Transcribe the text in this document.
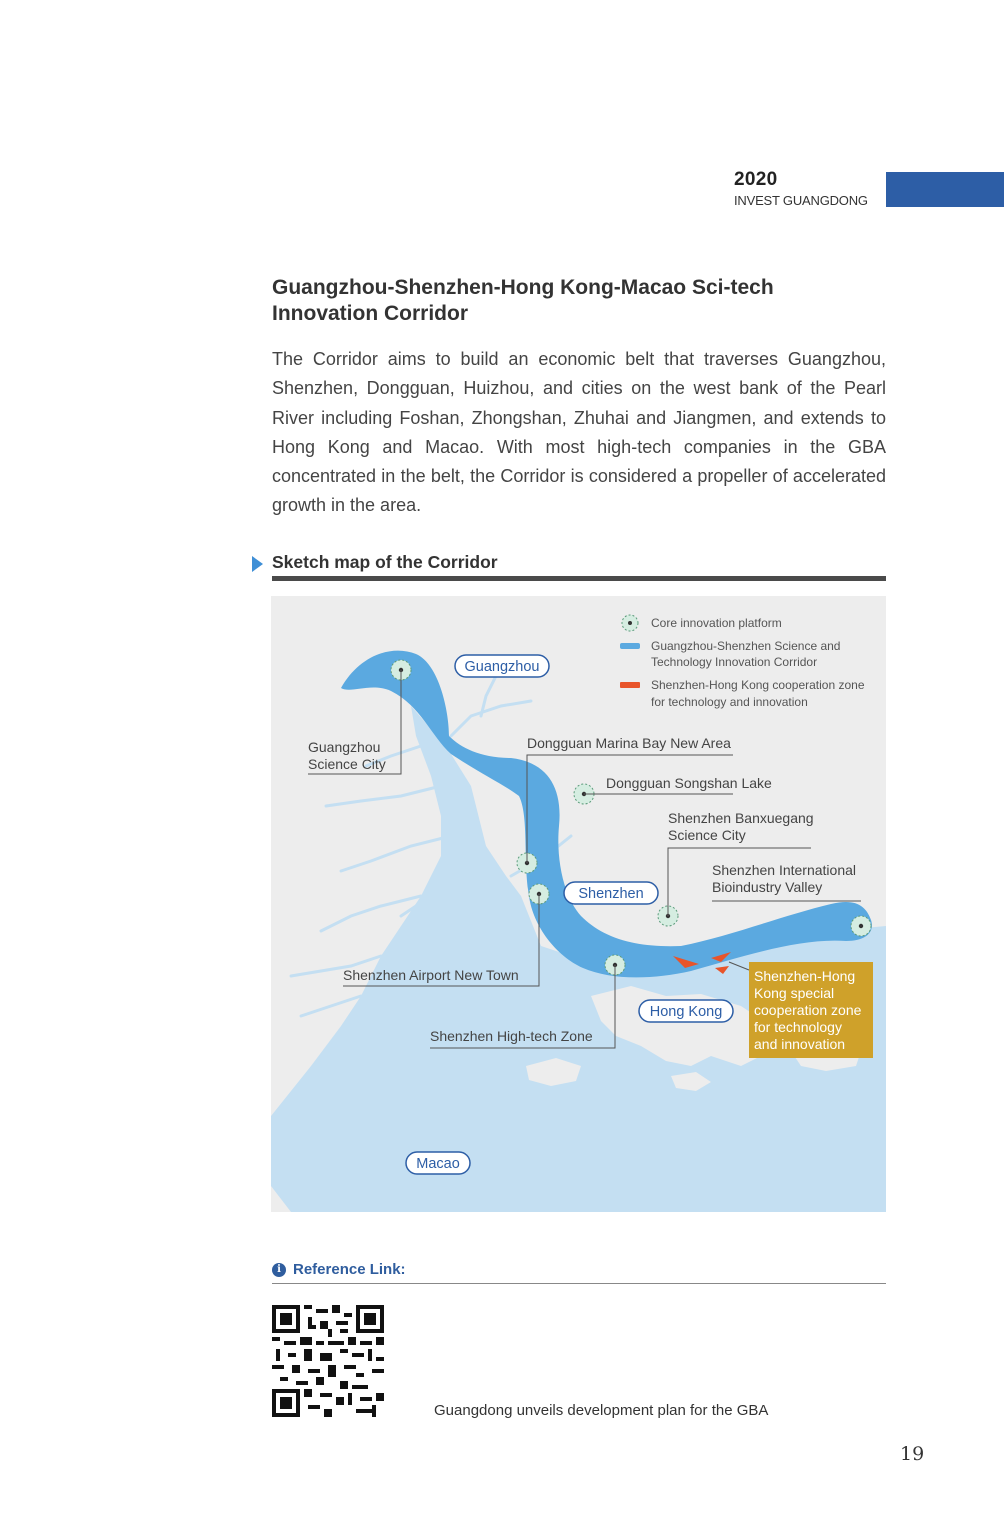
2020
INVEST GUANGDONG
Guangzhou-Shenzhen-Hong Kong-Macao Sci-tech
Innovation Corridor
The Corridor aims to build an economic belt that traverses Guangzhou, Shenzhen, Dongguan, Huizhou, and cities on the west bank of the Pearl River including Foshan, Zhongshan, Zhuhai and Jiangmen, and extends to Hong Kong and Macao. With most high-tech companies in the GBA concentrated in the belt, the Corridor is considered a propeller of accelerated growth in the area.
Sketch map of the Corridor
Guangzhou
Science City
Dongguan Marina Bay New Area
Dongguan Songshan Lake
Shenzhen Banxuegang
Science City
Shenzhen International
Bioindustry Valley
Shenzhen Airport New Town
Shenzhen High-tech Zone
Guangzhou
Shenzhen
Hong Kong
Macao
Shenzhen-Hong
Kong special
cooperation zone
for technology
and innovation
Core innovation platform
Guangzhou-Shenzhen Science and
Technology Innovation Corridor
Shenzhen-Hong Kong cooperation zone
for technology and innovation
i Reference Link:
Guangdong unveils development plan for the GBA
19
